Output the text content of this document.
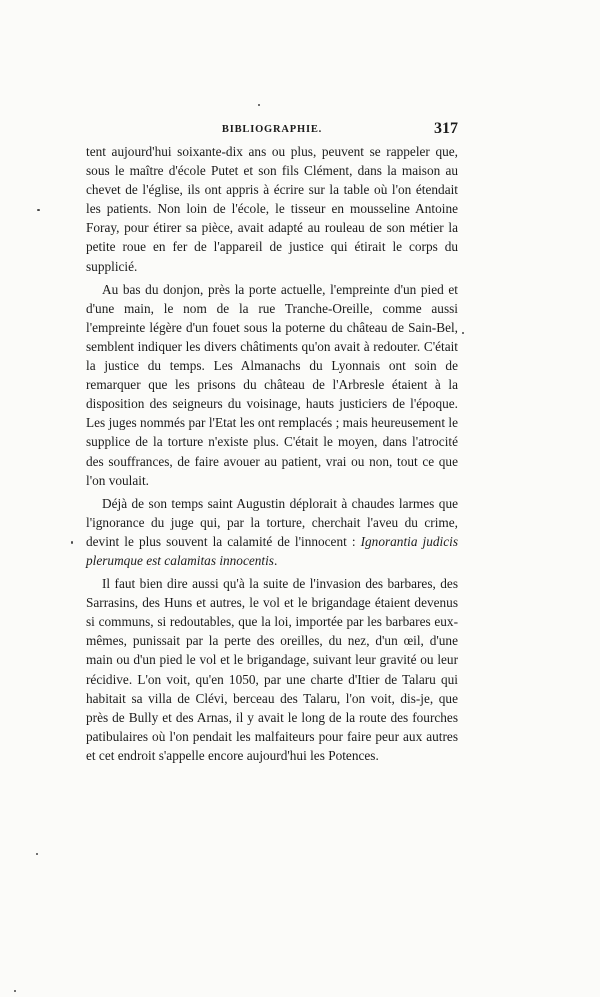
BIBLIOGRAPHIE.	317

tent aujourd'hui soixante-dix ans ou plus, peuvent se rappeler que, sous le maître d'école Putet et son fils Clément, dans la maison au chevet de l'église, ils ont appris à écrire sur la table où l'on étendait les patients. Non loin de l'école, le tisseur en mousseline Antoine Foray, pour étirer sa pièce, avait adapté au rouleau de son métier la petite roue en fer de l'appareil de justice qui étirait le corps du supplicié.

Au bas du donjon, près la porte actuelle, l'empreinte d'un pied et d'une main, le nom de la rue Tranche-Oreille, comme aussi l'empreinte légère d'un fouet sous la poterne du château de Sain-Bel, semblent indiquer les divers châtiments qu'on avait à redouter. C'était la justice du temps. Les Almanachs du Lyonnais ont soin de remarquer que les prisons du château de l'Arbresle étaient à la disposition des seigneurs du voisinage, hauts justiciers de l'époque. Les juges nommés par l'Etat les ont remplacés ; mais heureusement le supplice de la torture n'existe plus. C'était le moyen, dans l'atrocité des souffrances, de faire avouer au patient, vrai ou non, tout ce que l'on voulait.

Déjà de son temps saint Augustin déplorait à chaudes larmes que l'ignorance du juge qui, par la torture, cherchait l'aveu du crime, devint le plus souvent la calamité de l'innocent : Ignorantia judicis plerumque est calamitas innocentis.

Il faut bien dire aussi qu'à la suite de l'invasion des barbares, des Sarrasins, des Huns et autres, le vol et le brigandage étaient devenus si communs, si redoutables, que la loi, importée par les barbares eux-mêmes, punissait par la perte des oreilles, du nez, d'un œil, d'une main ou d'un pied le vol et le brigandage, suivant leur gravité ou leur récidive. L'on voit, qu'en 1050, par une charte d'Itier de Talaru qui habitait sa villa de Clévi, berceau des Talaru, l'on voit, dis-je, que près de Bully et des Arnas, il y avait le long de la route des fourches patibulaires où l'on pendait les malfaiteurs pour faire peur aux autres et cet endroit s'appelle encore aujourd'hui les Potences.
